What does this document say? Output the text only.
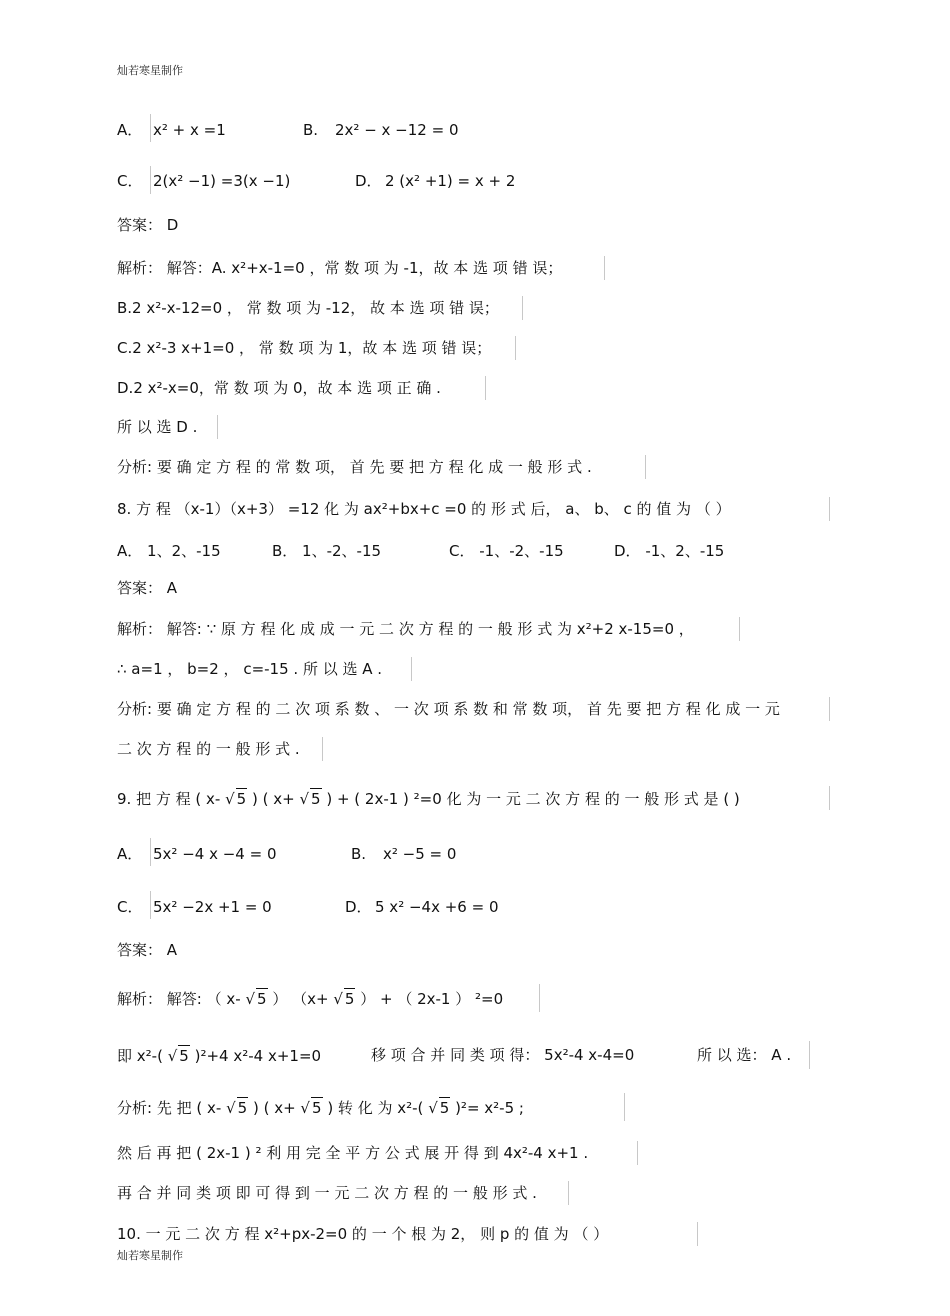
灿若寒星制作
A． x² + x =1	B. 2x² − x −12 = 0
C． 2(x² −1) =3(x −1)	D． 2 (x² +1) = x + 2
答案： D
解析： 解答：A. x²+x-1=0 ，常 数 项 为 -1，故 本 选 项 错 误；
B.2 x²-x-12=0 ， 常 数 项 为 -12， 故 本 选 项 错 误；
C.2 x²-3 x+1=0 ， 常 数 项 为 1，故 本 选 项 错 误；
D.2 x²-x=0，常 数 项 为 0，故 本 选 项 正 确 .
所 以 选 D .
分析: 要 确 定 方 程 的 常 数 项， 首 先 要 把 方 程 化 成 一 般 形 式 .
8. 方 程 （x-1）（x+3） =12 化 为 ax²+bx+c =0 的 形 式 后， a、 b、 c 的 值 为 （ ）
A． 1、2、-15	B． 1、-2、-15	C． -1、-2、-15	D． -1、2、-15
答案： A
解析： 解答: ∵ 原 方 程 化 成 成 一 元 二 次 方 程 的 一 般 形 式 为 x²+2 x-15=0 ，
∴ a=1 ， b=2 ， c=-15 . 所 以 选 A .
分析: 要 确 定 方 程 的 二 次 项 系 数 、 一 次 项 系 数 和 常 数 项， 首 先 要 把 方 程 化 成 一 元
二 次 方 程 的 一 般 形 式 .
9. 把 方 程 ( x- √ 5 ) ( x+ √ 5 ) + ( 2x-1 ) ²=0 化 为 一 元 二 次 方 程 的 一 般 形 式 是 ( )
A． 5x² −4 x −4 = 0	B. x² −5 = 0
C． 5x² −2x +1 = 0	D． 5 x² −4x +6 = 0
答案： A
解析： 解答: （ x- √ 5 ） （x+ √ 5 ） + （ 2x-1 ） ²=0
即 x²-( √ 5 )²+4 x²-4 x+1=0	移 项 合 并 同 类 项 得： 5x²-4 x-4=0	所 以 选： A .
分析: 先 把 ( x- √ 5 ) ( x+ √ 5 ) 转 化 为 x²-( √ 5 )²= x²-5 ;
然 后 再 把 ( 2x-1 ) ² 利 用 完 全 平 方 公 式 展 开 得 到 4x²-4 x+1 .
再 合 并 同 类 项 即 可 得 到 一 元 二 次 方 程 的 一 般 形 式 .
10. 一 元 二 次 方 程 x²+px-2=0 的 一 个 根 为 2， 则 p 的 值 为 （ ）
灿若寒星制作
